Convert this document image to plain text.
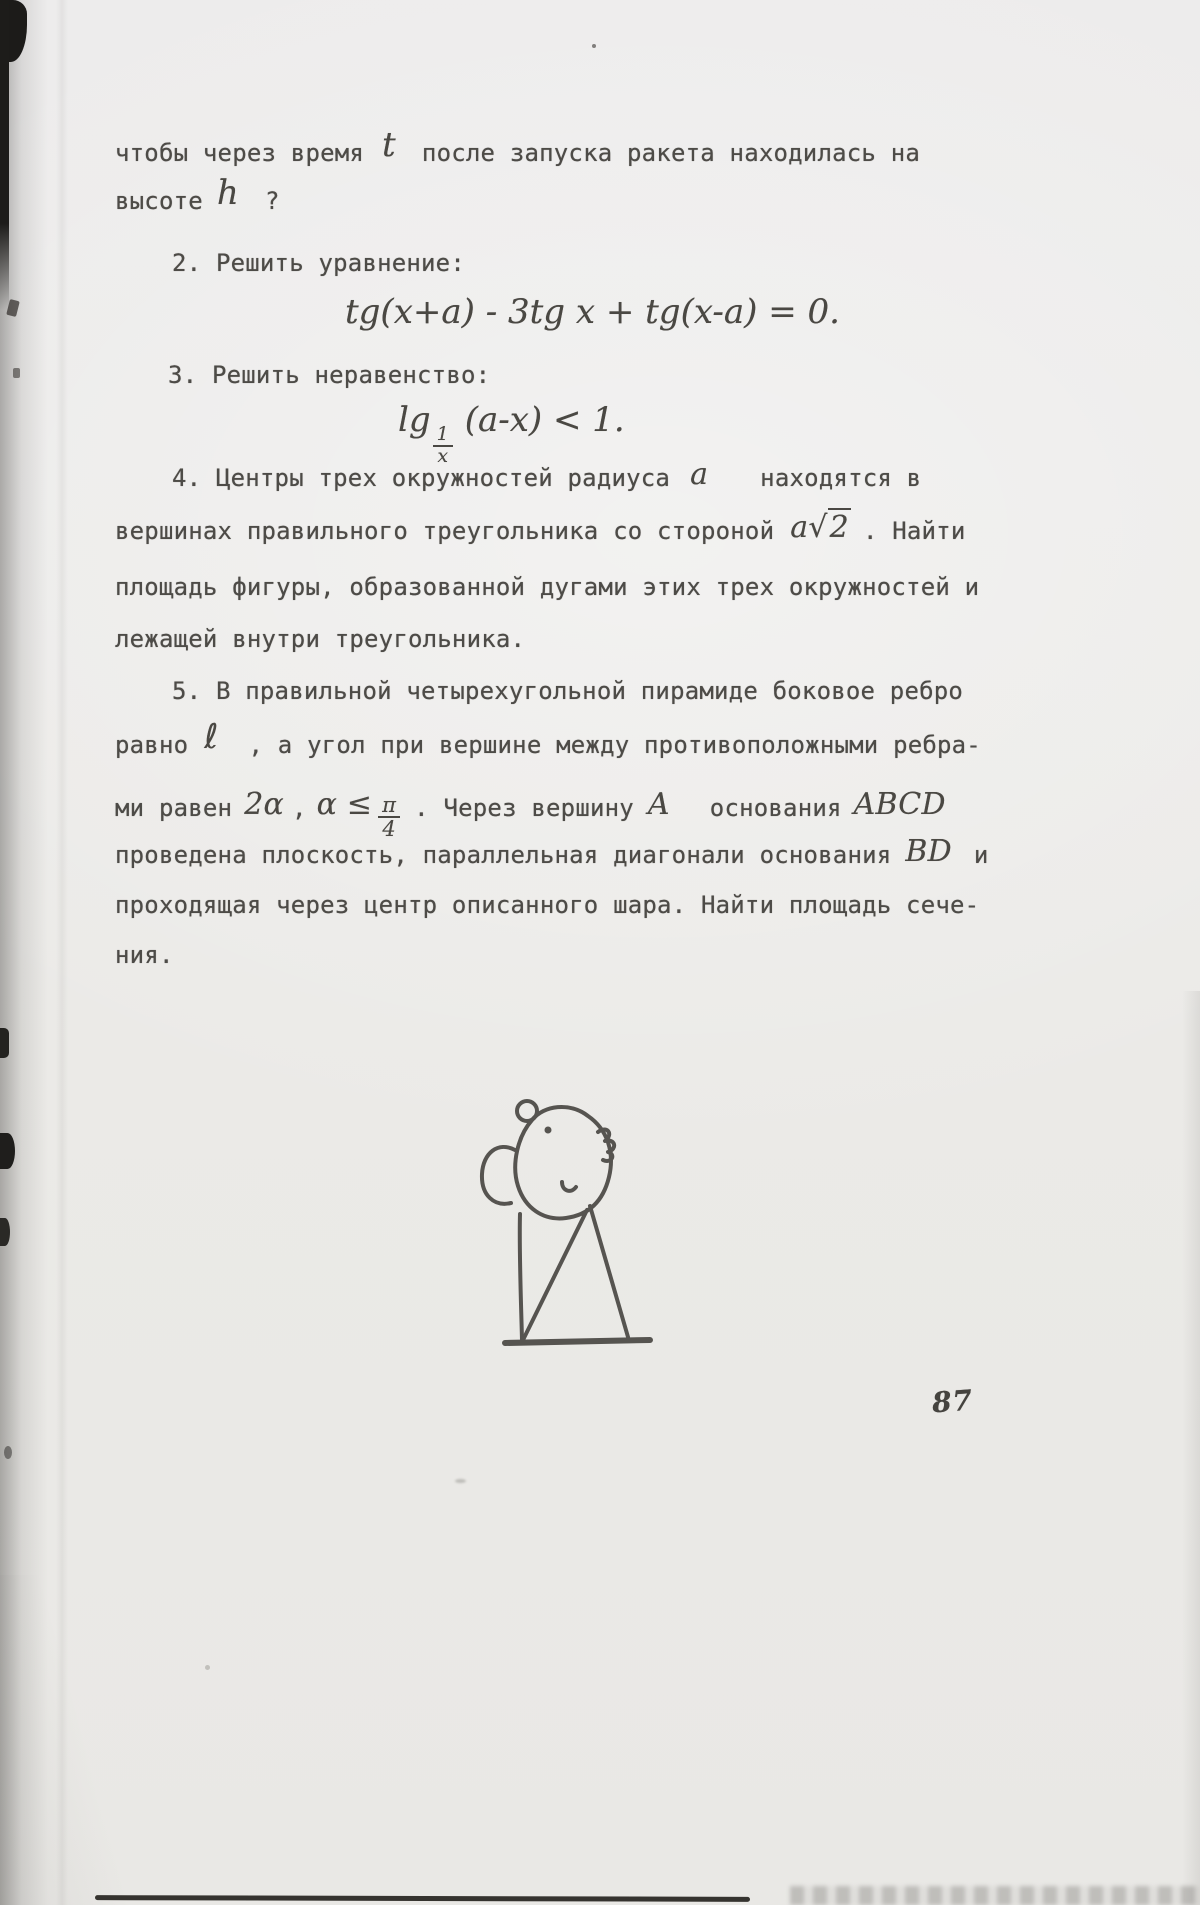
чтобы через время t после запуска ракета находилась на
высоте h ?
2. Решить уравнение:
tg(x+a) - 3tg x + tg(x-a) = 0.
3. Решить неравенство:
lg
$\frac{1}{x}$
(a-x) < 1.
4. Центры трех окружностей радиуса a находятся в
вершинах правильного треугольника со стороной a√2 . Найти
площадь фигуры, образованной дугами этих трех окружностей и
лежащей внутри треугольника.
5. В правильной четырехугольной пирамиде боковое ребро
равно ℓ , а угол при вершине между противоположными ребра-
ми равен 2α , $\alpha \le \frac{\pi}{4}$ . Через вершину A основания ABCD
проведена плоскость, параллельная диагонали основания BD и
проходящая через центр описанного шара. Найти площадь сече-
ния.
87
